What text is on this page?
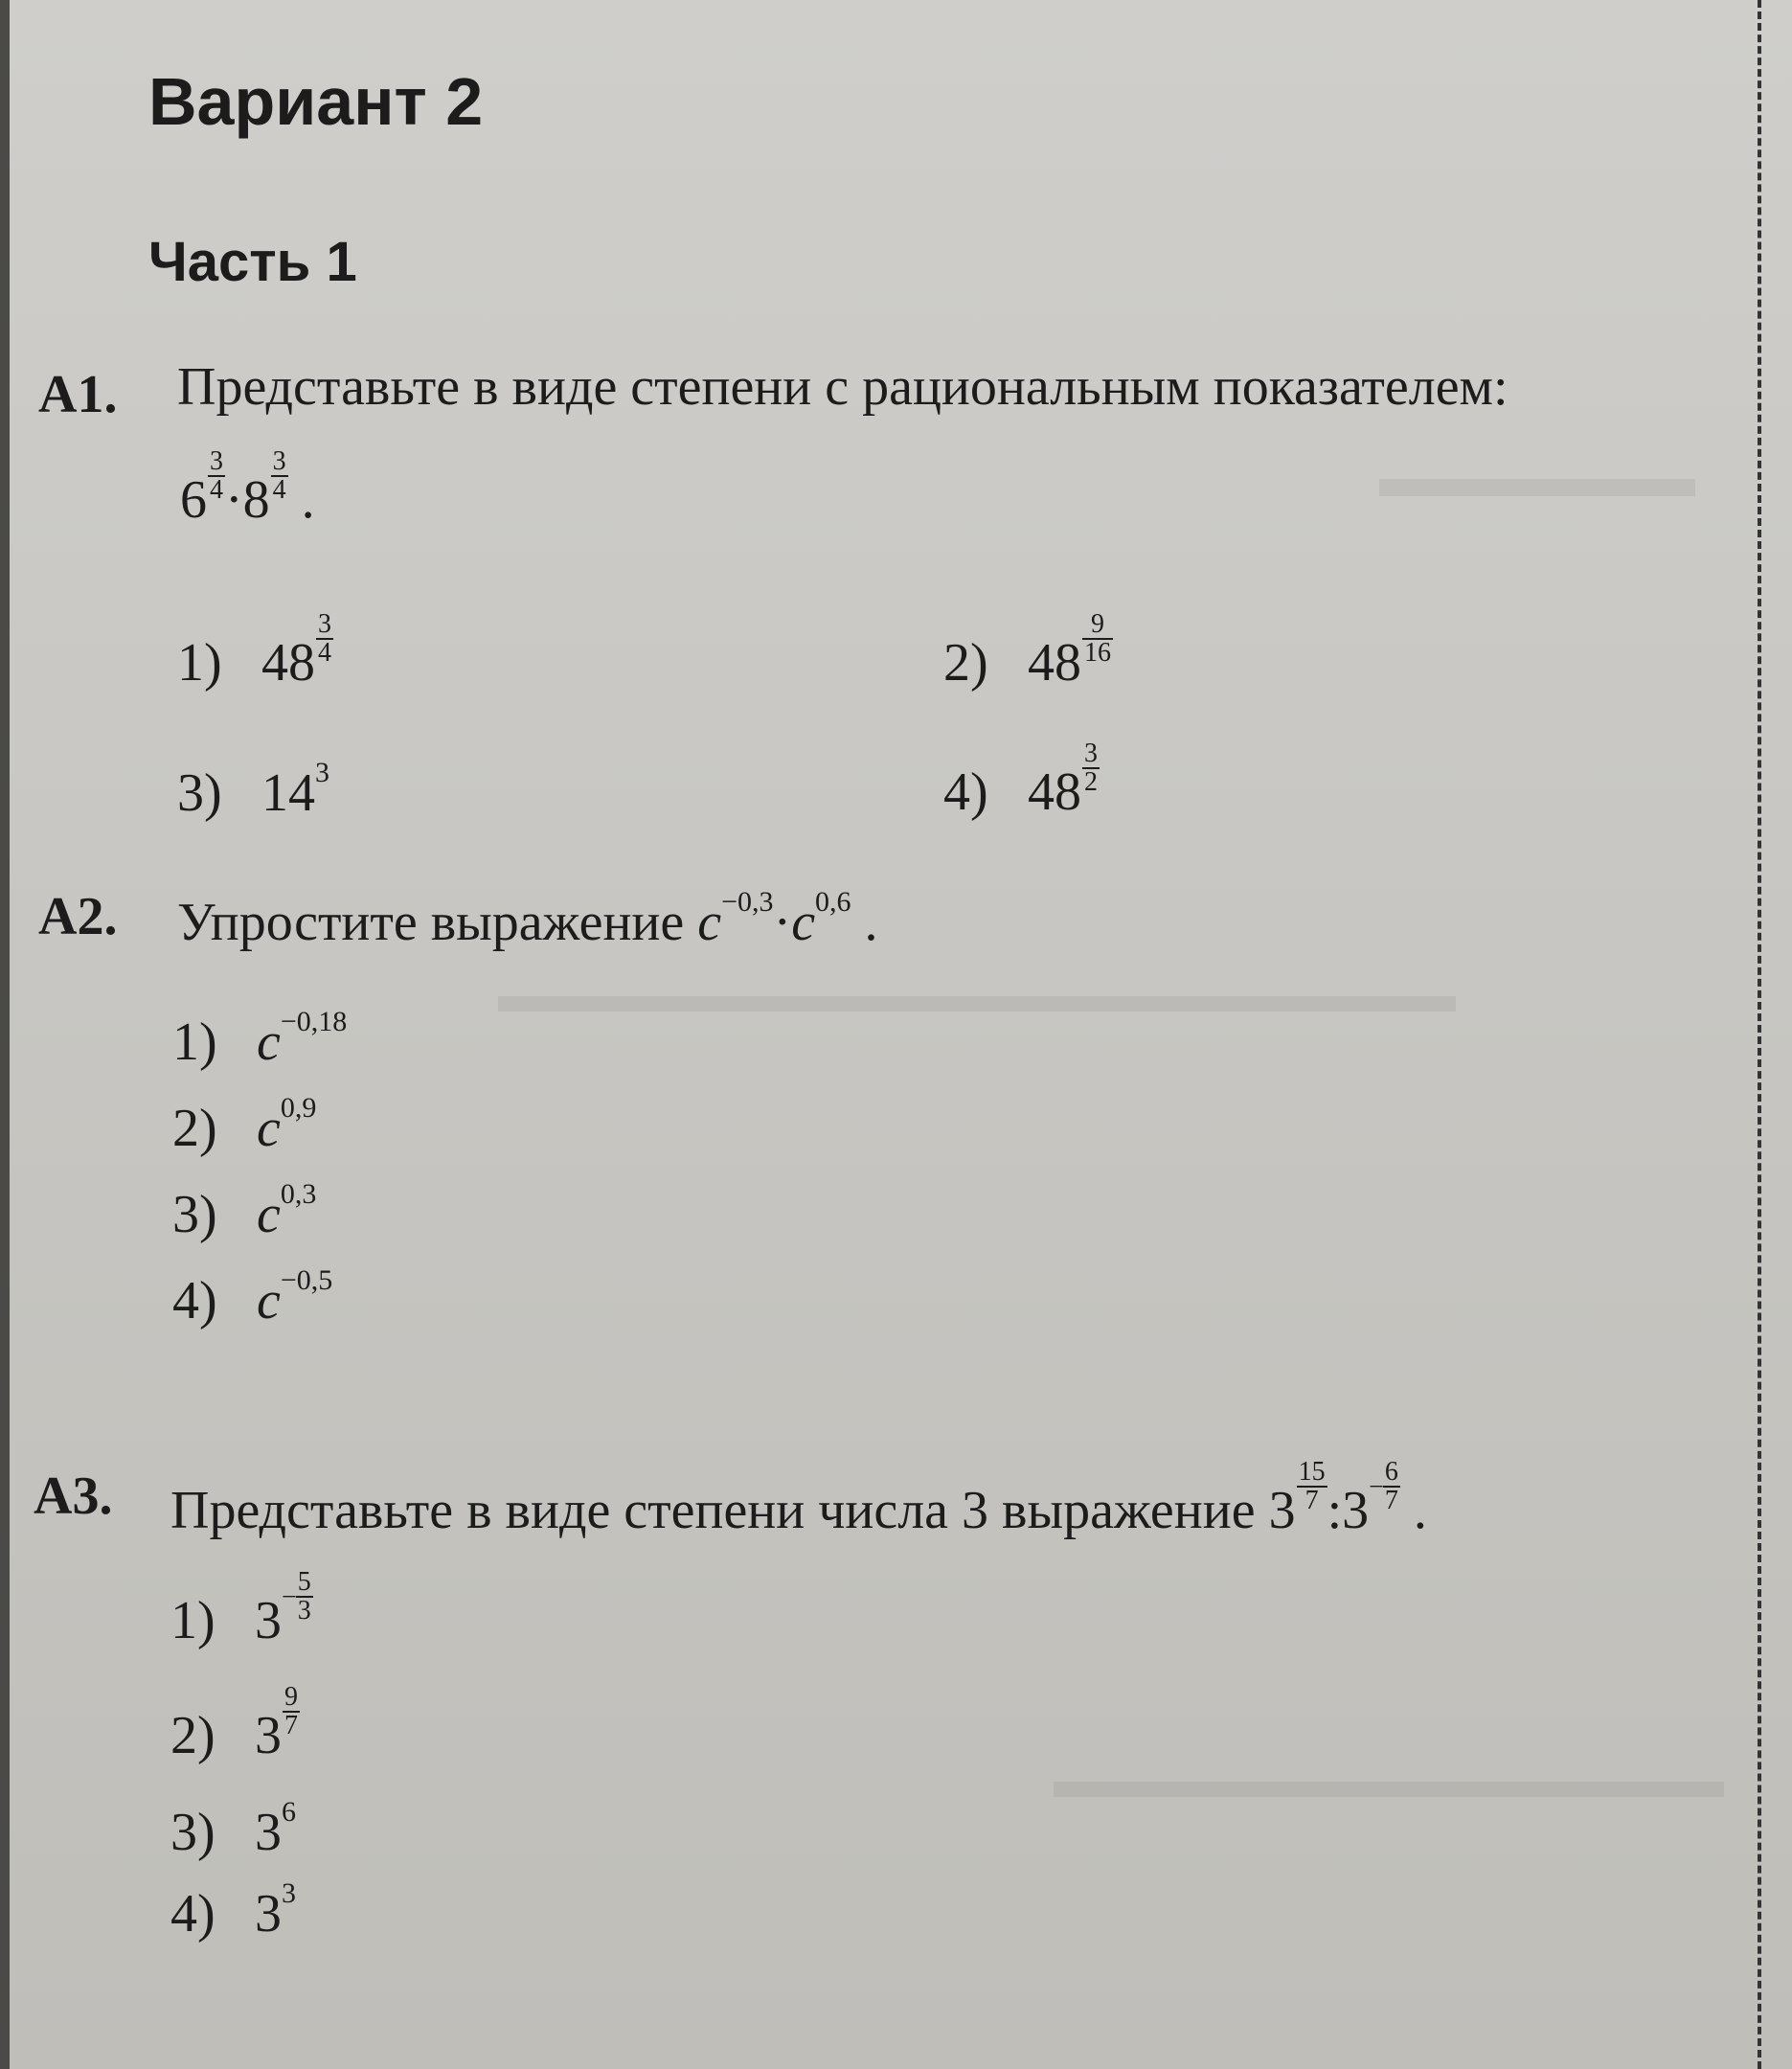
Вариант 2
Часть 1
A1. Представьте в виде степени с рациональным показателем:
$6 \frac{3}{4} \cdot 8 \frac{3}{4}$ .
1) $48 \frac{3}{4}$	2) $48 \frac{9}{16}$
3) $14^3$	4) $48 \frac{3}{2}$
A2. Упростите выражение $c^{-0,3}\cdot c^{0,6}$ .
1) $c^{-0,18}$
2) $c^{0,9}$
3) $c^{0,3}$
4) $c^{-0,5}$
A3. Представьте в виде степени числа 3 выражение $3 \frac{15}{7}$ :3− $\frac{6}{7}$ .
1) $3^- \frac{5}{3}$
2) $3 \frac{9}{7}$
3) $3^6$
4) $3^3$
